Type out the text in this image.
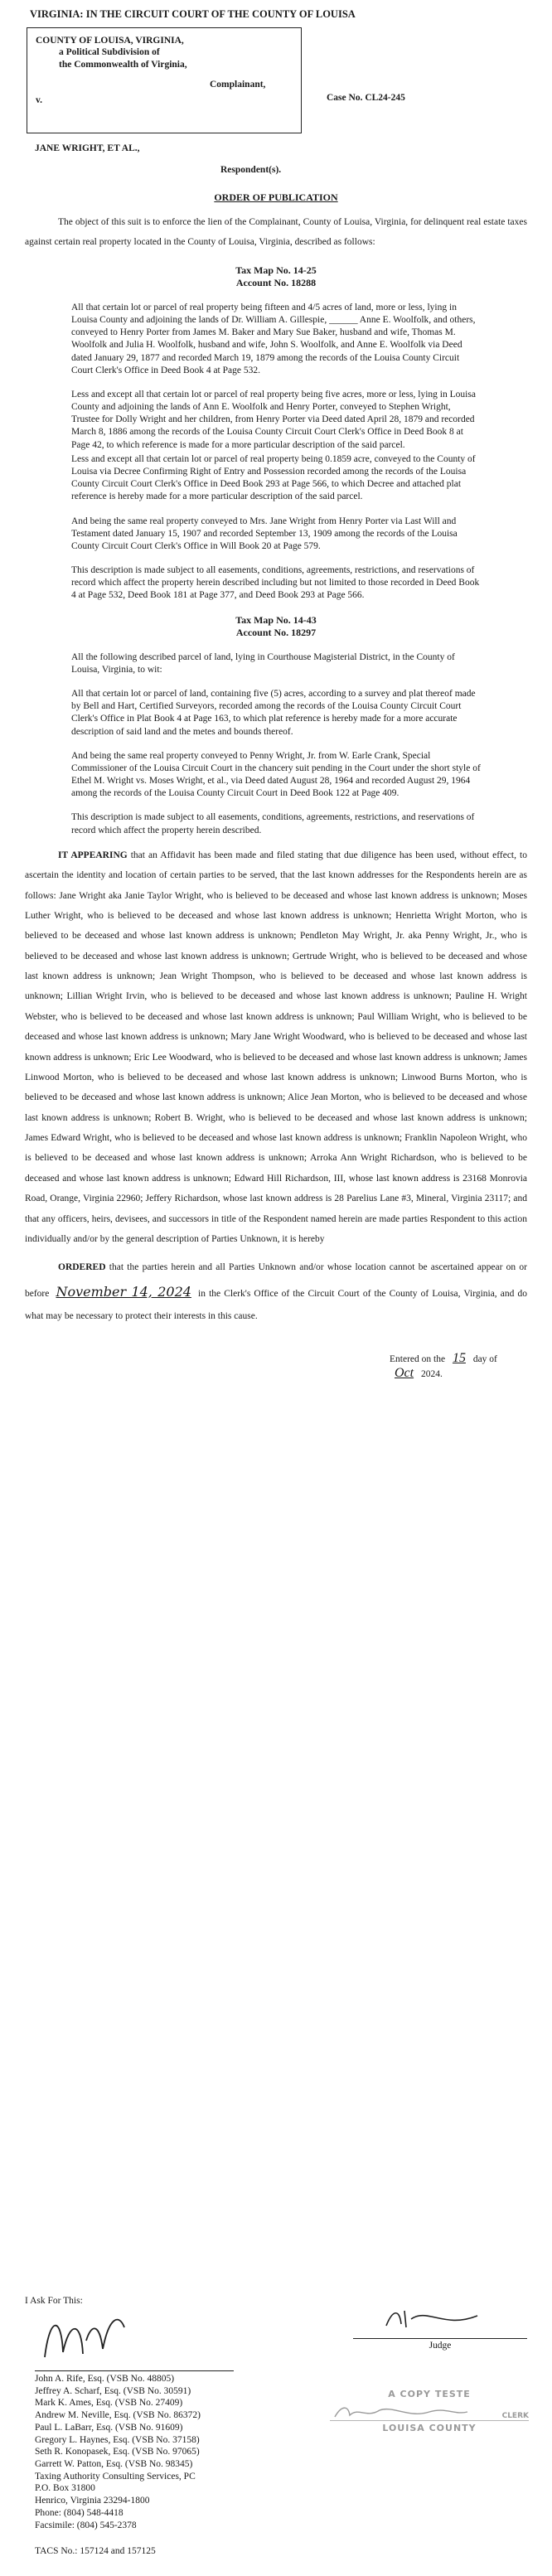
VIRGINIA: IN THE CIRCUIT COURT OF THE COUNTY OF LOUISA
COUNTY OF LOUISA, VIRGINIA,
a Political Subdivision of
the Commonwealth of Virginia,
Complainant,
v.	Case No. CL24-245
JANE WRIGHT, ET AL.,
Respondent(s).
ORDER OF PUBLICATION

The object of this suit is to enforce the lien of the Complainant, County of Louisa, Virginia, for delinquent real estate taxes against certain real property located in the County of Louisa, Virginia, described as follows:

Tax Map No. 14-25
Account No. 18288
All that certain lot or parcel of real property being fifteen and 4/5 acres of land, more or less, lying in Louisa County and adjoining the lands of Dr. William A. Gillespie, ______ Anne E. Woolfolk, and others, conveyed to Henry Porter from James M. Baker and Mary Sue Baker, husband and wife, Thomas M. Woolfolk and Julia H. Woolfolk, husband and wife, John S. Woolfolk, and Anne E. Woolfolk via Deed dated January 29, 1877 and recorded March 19, 1879 among the records of the Louisa County Circuit Court Clerk's Office in Deed Book 4 at Page 532.
Less and except all that certain lot or parcel of real property being five acres, more or less, lying in Louisa County and adjoining the lands of Ann E. Woolfolk and Henry Porter, conveyed to Stephen Wright, Trustee for Dolly Wright and her children, from Henry Porter via Deed dated April 28, 1879 and recorded March 8, 1886 among the records of the Louisa County Circuit Court Clerk's Office in Deed Book 8 at Page 42, to which reference is made for a more particular description of the said parcel.
Less and except all that certain lot or parcel of real property being 0.1859 acre, conveyed to the County of Louisa via Decree Confirming Right of Entry and Possession recorded among the records of the Louisa County Circuit Court Clerk's Office in Deed Book 293 at Page 566, to which Decree and attached plat reference is hereby made for a more particular description of the said parcel.
And being the same real property conveyed to Mrs. Jane Wright from Henry Porter via Last Will and Testament dated January 15, 1907 and recorded September 13, 1909 among the records of the Louisa County Circuit Court Clerk's Office in Will Book 20 at Page 579.
This description is made subject to all easements, conditions, agreements, restrictions, and reservations of record which affect the property herein described including but not limited to those recorded in Deed Book 4 at Page 532, Deed Book 181 at Page 377, and Deed Book 293 at Page 566.
Tax Map No. 14-43
Account No. 18297
All the following described parcel of land, lying in Courthouse Magisterial District, in the County of Louisa, Virginia, to wit:
All that certain lot or parcel of land, containing five (5) acres, according to a survey and plat thereof made by Bell and Hart, Certified Surveyors, recorded among the records of the Louisa County Circuit Court Clerk's Office in Plat Book 4 at Page 163, to which plat reference is hereby made for a more accurate description of said land and the metes and bounds thereof.
And being the same real property conveyed to Penny Wright, Jr. from W. Earle Crank, Special Commissioner of the Louisa Circuit Court in the chancery suit pending in the Court under the short style of Ethel M. Wright vs. Moses Wright, et al., via Deed dated August 28, 1964 and recorded August 29, 1964 among the records of the Louisa County Circuit Court in Deed Book 122 at Page 409.
This description is made subject to all easements, conditions, agreements, restrictions, and reservations of record which affect the property herein described.

IT APPEARING that an Affidavit has been made and filed stating that due diligence has been used, without effect, to ascertain the identity and location of certain parties to be served, that the last known addresses for the Respondents herein are as follows: Jane Wright aka Janie Taylor Wright, who is believed to be deceased and whose last known address is unknown; Moses Luther Wright, who is believed to be deceased and whose last known address is unknown; Henrietta Wright Morton, who is believed to be deceased and whose last known address is unknown; Pendleton May Wright, Jr. aka Penny Wright, Jr., who is believed to be deceased and whose last known address is unknown; Gertrude Wright, who is believed to be deceased and whose last known address is unknown; Jean Wright Thompson, who is believed to be deceased and whose last known address is unknown; Lillian Wright Irvin, who is believed to be deceased and whose last known address is unknown; Pauline H. Wright Webster, who is believed to be deceased and whose last known address is unknown; Paul William Wright, who is believed to be deceased and whose last known address is unknown; Mary Jane Wright Woodward, who is believed to be deceased and whose last known address is unknown; Eric Lee Woodward, who is believed to be deceased and whose last known address is unknown; James Linwood Morton, who is believed to be deceased and whose last known address is unknown; Linwood Burns Morton, who is believed to be deceased and whose last known address is unknown; Alice Jean Morton, who is believed to be deceased and whose last known address is unknown; Robert B. Wright, who is believed to be deceased and whose last known address is unknown; James Edward Wright, who is believed to be deceased and whose last known address is unknown; Franklin Napoleon Wright, who is believed to be deceased and whose last known address is unknown; Arroka Ann Wright Richardson, who is believed to be deceased and whose last known address is unknown; Edward Hill Richardson, III, whose last known address is 23168 Monrovia Road, Orange, Virginia 22960; Jeffery Richardson, whose last known address is 28 Parelius Lane #3, Mineral, Virginia 23117; and that any officers, heirs, devisees, and successors in title of the Respondent named herein are made parties Respondent to this action individually and/or by the general description of Parties Unknown, it is hereby

ORDERED that the parties herein and all Parties Unknown and/or whose location cannot be ascertained appear on or before November 14, 2024 in the Clerk's Office of the Circuit Court of the County of Louisa, Virginia, and do what may be necessary to protect their interests in this cause.

Entered on the 15 day of Oct 2024.
Judge
I Ask For This:
John A. Rife, Esq. (VSB No. 48805)
Jeffrey A. Scharf, Esq. (VSB No. 30591)
Mark K. Ames, Esq. (VSB No. 27409)
Andrew M. Neville, Esq. (VSB No. 86372)
Paul L. LaBarr, Esq. (VSB No. 91609)
Gregory L. Haynes, Esq. (VSB No. 37158)
Seth R. Konopasek, Esq. (VSB No. 97065)
Garrett W. Patton, Esq. (VSB No. 98345)
Taxing Authority Consulting Services, PC
P.O. Box 31800
Henrico, Virginia 23294-1800
Phone: (804) 548-4418
Facsimile: (804) 545-2378
TACS No.: 157124 and 157125
A COPY TESTE
CLERK
LOUISA COUNTY
